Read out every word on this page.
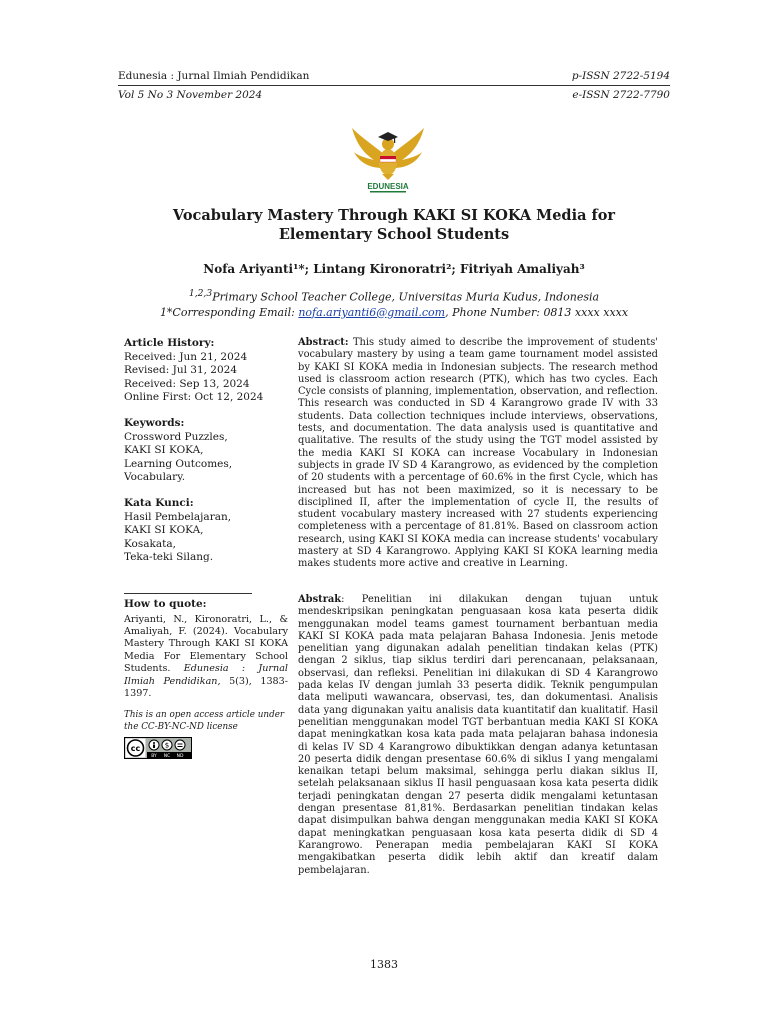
Edunesia : Jurnal Ilmiah Pendidikan	p-ISSN 2722-5194
Vol 5 No 3 November 2024	e-ISSN 2722-7790
EDUNESIA
Vocabulary Mastery Through KAKI SI KOKA Media for
Elementary School Students
Nofa Ariyanti¹*; Lintang Kironoratri²; Fitriyah Amaliyah³
$^{1,2,3}$Primary School Teacher College, Universitas Muria Kudus, Indonesia
1*Corresponding Email: nofa.ariyanti6@gmail.com, Phone Number: 0813 xxxx xxxx
Article History:
Received: Jun 21, 2024
Revised: Jul 31, 2024
Received: Sep 13, 2024
Online First: Oct 12, 2024
Keywords:
Crossword Puzzles,
KAKI SI KOKA,
Learning Outcomes,
Vocabulary.
Kata Kunci:
Hasil Pembelajaran,
KAKI SI KOKA,
Kosakata,
Teka-teki Silang.
How to quote:
Ariyanti, N., Kironoratri, L., & Amaliyah, F. (2024). Vocabulary Mastery Through KAKI SI KOKA Media For Elementary School Students. Edunesia : Jurnal Ilmiah Pendidikan, 5(3), 1383-1397.
This is an open access article under the CC-BY-NC-ND license
cc	$
BY NC ND
Abstract: This study aimed to describe the improvement of students' vocabulary mastery by using a team game tournament model assisted by KAKI SI KOKA media in Indonesian subjects. The research method used is classroom action research (PTK), which has two cycles. Each Cycle consists of planning, implementation, observation, and reflection. This research was conducted in SD 4 Karangrowo grade IV with 33 students. Data collection techniques include interviews, observations, tests, and documentation. The data analysis used is quantitative and qualitative. The results of the study using the TGT model assisted by the media KAKI SI KOKA can increase Vocabulary in Indonesian subjects in grade IV SD 4 Karangrowo, as evidenced by the completion of 20 students with a percentage of 60.6% in the first Cycle, which has increased but has not been maximized, so it is necessary to be disciplined II, after the implementation of cycle II, the results of student vocabulary mastery increased with 27 students experiencing completeness with a percentage of 81.81%. Based on classroom action research, using KAKI SI KOKA media can increase students' vocabulary mastery at SD 4 Karangrowo. Applying KAKI SI KOKA learning media makes students more active and creative in Learning.
Abstrak: Penelitian ini dilakukan dengan tujuan untuk mendeskripsikan peningkatan penguasaan kosa kata peserta didik menggunakan model teams gamest tournament berbantuan media KAKI SI KOKA pada mata pelajaran Bahasa Indonesia. Jenis metode penelitian yang digunakan adalah penelitian tindakan kelas (PTK) dengan 2 siklus, tiap siklus terdiri dari perencanaan, pelaksanaan, observasi, dan refleksi. Penelitian ini dilakukan di SD 4 Karangrowo pada kelas IV dengan jumlah 33 peserta didik. Teknik pengumpulan data meliputi wawancara, observasi, tes, dan dokumentasi. Analisis data yang digunakan yaitu analisis data kuantitatif dan kualitatif. Hasil penelitian menggunakan model TGT berbantuan media KAKI SI KOKA dapat meningkatkan kosa kata pada mata pelajaran bahasa indonesia di kelas IV SD 4 Karangrowo dibuktikkan dengan adanya ketuntasan 20 peserta didik dengan presentase 60.6% di siklus I yang mengalami kenaikan tetapi belum maksimal, sehingga perlu diakan siklus II, setelah pelaksanaan siklus II hasil penguasaan kosa kata peserta didik terjadi peningkatan dengan 27 peserta didik mengalami ketuntasan dengan presentase 81,81%. Berdasarkan penelitian tindakan kelas dapat disimpulkan bahwa dengan menggunakan media KAKI SI KOKA dapat meningkatkan penguasaan kosa kata peserta didik di SD 4 Karangrowo. Penerapan media pembelajaran KAKI SI KOKA mengakibatkan peserta didik lebih aktif dan kreatif dalam pembelajaran.
1383
